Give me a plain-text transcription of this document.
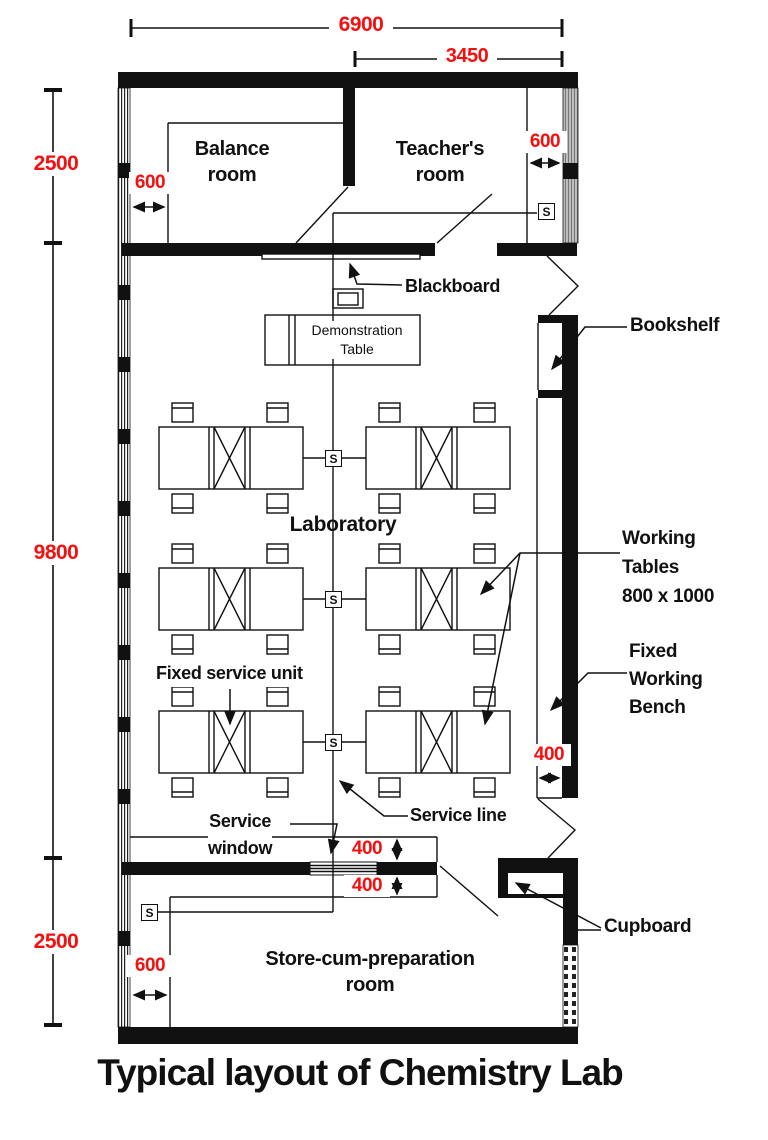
6900
3450
2500
9800
2500
600
600
600
400
400
400
Balance
room
Teacher's
room
Laboratory
Store-cum-preparation
room
Demonstration
Table
Blackboard
Bookshelf
Working
Tables
800 x 1000
Fixed
Working
Bench
Fixed service unit
Service line
Service
window
Cupboard
S
S
S
S
S
Typical layout of Chemistry Lab
